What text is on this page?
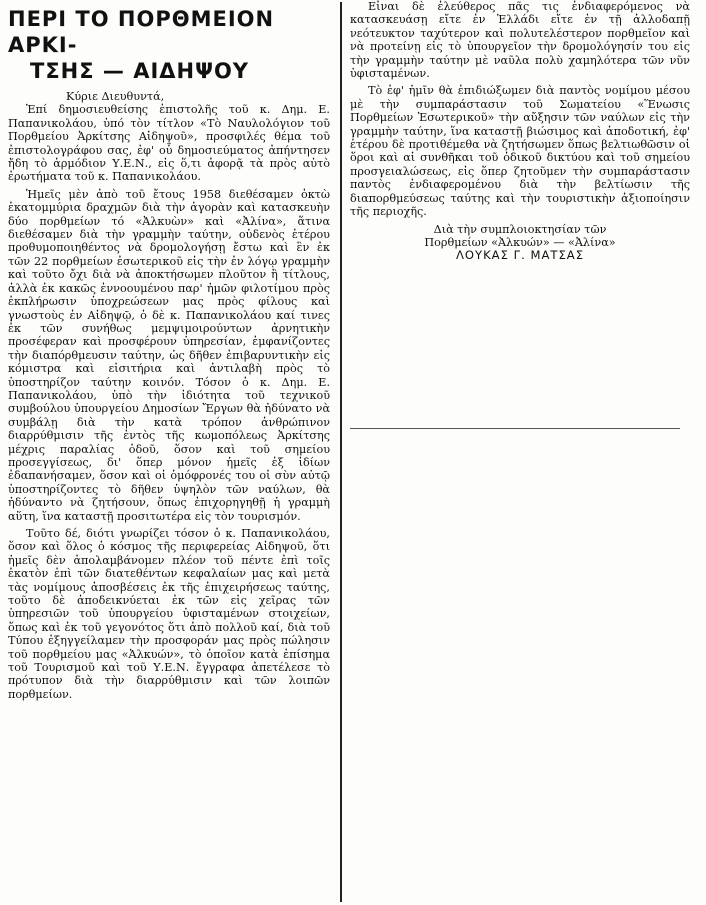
ΠΕΡΙ ΤΟ ΠΟΡΘΜΕΙΟΝ ΑΡΚΙ-
ΤΣΗΣ — ΑΙΔΗΨΟΥ

Κύριε Διευθυντά,

Ἐπί δημοσιευθείσης ἐπιστολῆς τοῦ κ. Δημ. Ε. Παπανικολάου, ὑπό τὸν τίτλον «Τὸ Ναυλολόγιον τοῦ Πορθμείου Ἀρκίτσης Αἰδηψοῦ», προσφιλές θέμα τοῦ ἐπιστολογράφου σας, ἐφ' οὗ δημοσιεύματος ἀπήντησεν ἤδη τὸ ἁρμόδιον Υ.Ε.Ν., εἰς ὅ,τι ἀφορᾷ τὰ πρὸς αὐτὸ ἐρωτήματα τοῦ κ. Παπανικολάου.

Ἡμεῖς μὲν ἀπὸ τοῦ ἔτους 1958 διεθέσαμεν ὀκτὼ ἑκατομμύρια δραχμῶν διὰ τὴν ἀγορὰν καὶ κατασκευὴν δύο πορθμείων τό «Ἀλκυὼν» καὶ «Ἀλίνα», ἅτινα διεθέσαμεν διὰ τὴν γραμμὴν ταύτην, οὐδενὸς ἑτέρου προθυμοποιηθέντος νὰ δρομολογήσῃ ἔστω καὶ ἓν ἐκ τῶν 22 πορθμείων ἐσωτερικοῦ εἰς τὴν ἐν λόγῳ γραμμὴν καὶ τοῦτο ὄχι διὰ νὰ ἀποκτήσωμεν πλοῦτον ἢ τίτλους, ἀλλὰ ἐκ κακῶς ἐννοουμένου παρ' ἡμῶν φιλοτίμου πρὸς ἐκπλήρωσιν ὑποχρεώσεων μας πρὸς φίλους καὶ γνωστοὺς ἐν Αἰδηψῷ, ὁ δὲ κ. Παπανικολάου καί τινες ἐκ τῶν συνήθως μεμψιμοιρούντων ἀρνητικὴν προσέφεραν καὶ προσφέρουν ὑπηρεσίαν, ἐμφανίζοντες τὴν διαπόρθμευσιν ταύτην, ὡς δῆθεν ἐπιβαρυντικὴν εἰς κόμιστρα καὶ εἰσιτήρια καὶ ἀντιλαβὴ πρὸς τὸ ὑποστηρίζον ταύτην κοινόν. Τόσον ὁ κ. Δημ. Ε. Παπανικολάου, ὑπὸ τὴν ἰδιότητα τοῦ τεχνικοῦ συμβούλου ὑπουργείου Δημοσίων Ἔργων θὰ ἠδύνατο νὰ συμβάλῃ διὰ τὴν κατὰ τρόπον ἀνθρώπινον διαρρύθμισιν τῆς ἐντὸς τῆς κωμοπόλεως Ἀρκίτσης μέχρις παραλίας ὁδοῦ, ὅσον καὶ τοῦ σημείου προσεγγίσεως, δι' ὅπερ μόνον ἡμεῖς ἐξ ἰδίων ἐδαπανήσαμεν, ὅσον καὶ οἱ ὁμόφρονές του οἱ σὺν αὐτῷ ὑποστηρίζοντες τὸ δῆθεν ὑψηλὸν τῶν ναύλων, θὰ ἠδύναντο νὰ ζητήσουν, ὅπως ἐπιχορηγηθῇ ἡ γραμμὴ αὕτη, ἵνα καταστῇ προσιτωτέρα εἰς τὸν τουρισμόν.

Τοῦτο δέ, διότι γνωρίζει τόσον ὁ κ. Παπανικολάου, ὅσον καὶ ὅλος ὁ κόσμος τῆς περιφερείας Αἰδηψοῦ, ὅτι ἡμεῖς δὲν ἀπολαμβάνομεν πλέον τοῦ πέντε ἐπὶ τοῖς ἑκατὸν ἐπὶ τῶν διατεθέντων κεφαλαίων μας καὶ μετὰ τὰς νομίμους ἀποσβέσεις ἐκ τῆς ἐπιχειρήσεως ταύτης, τοῦτο δὲ ἀποδεικνύεται ἐκ τῶν εἰς χεῖρας τῶν ὑπηρεσιῶν τοῦ ὑπουργείου ὑφισταμένων στοιχείων, ὅπως καὶ ἐκ τοῦ γεγονότος ὅτι ἀπὸ πολλοῦ καί, διὰ τοῦ Τύπου ἐξηγγείλαμεν τὴν προσφοράν μας πρὸς πώλησιν τοῦ πορθμείου μας «Ἀλκυών», τὸ ὁποῖον κατὰ ἐπίσημα τοῦ Τουρισμοῦ καὶ τοῦ Υ.Ε.Ν. ἔγγραφα ἀπετέλεσε τὸ πρότυπον διὰ τὴν διαρρύθμισιν καὶ τῶν λοιπῶν πορθμείων.

Εἶναι δὲ ἐλεύθερος πᾶς τις ἐνδιαφερόμενος νὰ κατασκευάσῃ εἴτε ἐν Ἑλλάδι εἴτε ἐν τῇ ἀλλοδαπῇ νεότευκτον ταχύτερον καὶ πολυτελέστερον πορθμεῖον καὶ νὰ προτείνῃ εἰς τὸ ὑπουργεῖον τὴν δρομολόγησίν του εἰς τὴν γραμμὴν ταύτην μὲ ναῦλα πολὺ χαμηλότερα τῶν νῦν ὑφισταμένων.

Τὸ ἐφ' ἡμῖν θὰ ἐπιδιώξωμεν διὰ παντὸς νομίμου μέσου μὲ τὴν συμπαράστασιν τοῦ Σωματείου «Ἕνωσις Πορθμείων Ἐσωτερικοῦ» τὴν αὔξησιν τῶν ναύλων εἰς τὴν γραμμὴν ταύτην, ἵνα καταστῇ βιώσιμος καὶ ἀποδοτική, ἐφ' ἑτέρου δὲ προτιθέμεθα νὰ ζητήσωμεν ὅπως βελτιωθῶσιν οἱ ὅροι καὶ αἱ συνθῆκαι τοῦ ὁδικοῦ δικτύου καὶ τοῦ σημείου προσγειαλώσεως, εἰς ὅπερ ζητοῦμεν τὴν συμπαράστασιν παντὸς ἐνδιαφερομένου διὰ τὴν βελτίωσιν τῆς διαπορθμεύσεως ταύτης καὶ τὴν τουριστικὴν ἀξιοποίησιν τῆς περιοχῆς.

Διὰ τὴν συμπλοιοκτησίαν τῶν
Πορθμείων «Ἀλκυών» — «Ἀλίνα»
ΛΟΥΚΑΣ Γ. ΜΑΤΣΑΣ
